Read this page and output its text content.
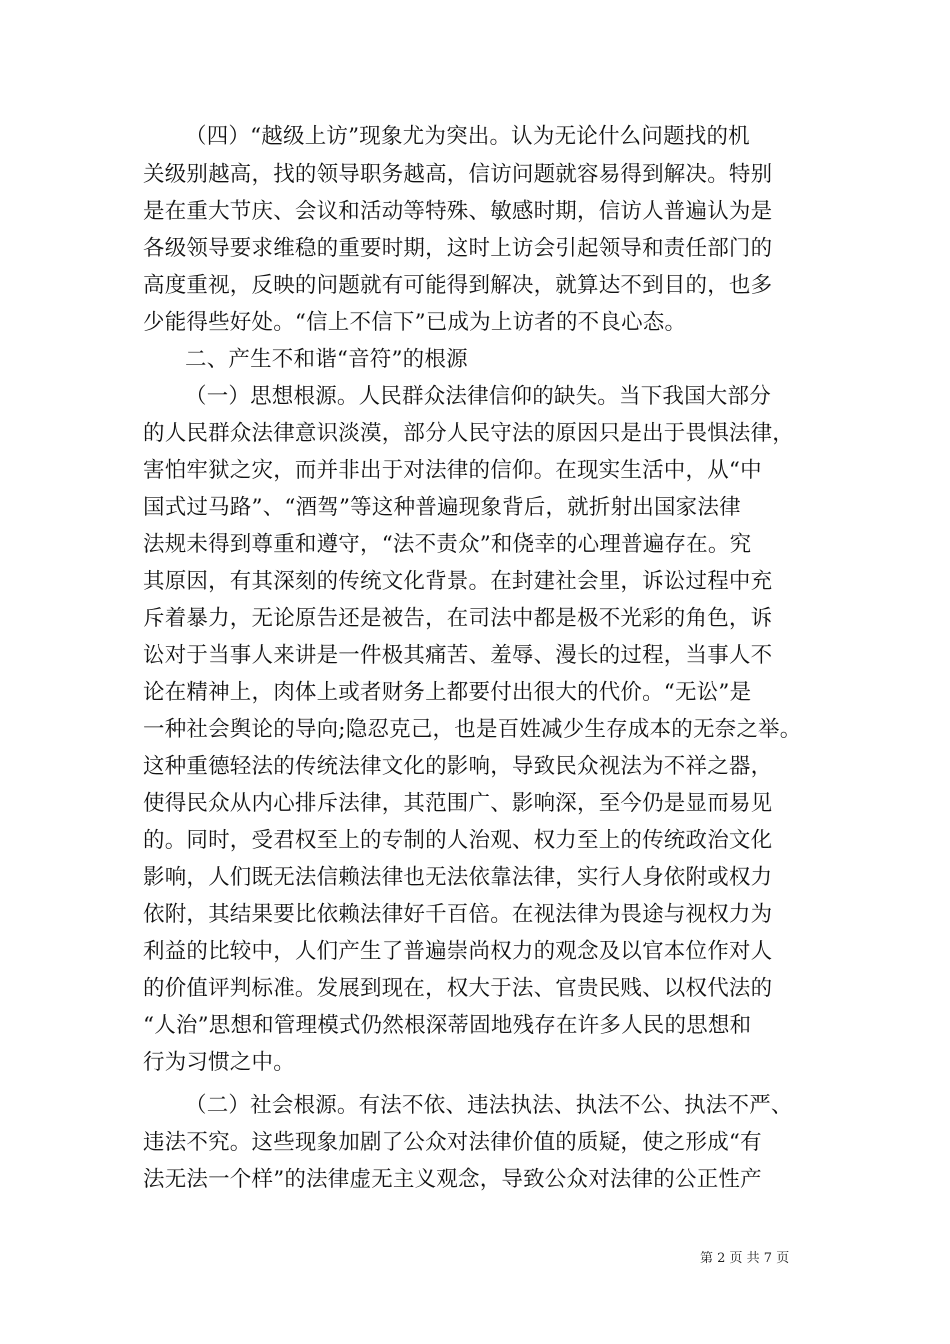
（四）“越级上访”现象尤为突出。认为无论什么问题找的机
关级别越高，找的领导职务越高，信访问题就容易得到解决。特别
是在重大节庆、会议和活动等特殊、敏感时期，信访人普遍认为是
各级领导要求维稳的重要时期，这时上访会引起领导和责任部门的
高度重视，反映的问题就有可能得到解决，就算达不到目的，也多
少能得些好处。“信上不信下”已成为上访者的不良心态。
二、产生不和谐“音符”的根源
（一）思想根源。人民群众法律信仰的缺失。当下我国大部分
的人民群众法律意识淡漠，部分人民守法的原因只是出于畏惧法律，
害怕牢狱之灾，而并非出于对法律的信仰。在现实生活中，从“中
国式过马路”、“酒驾”等这种普遍现象背后，就折射出国家法律
法规未得到尊重和遵守，“法不责众”和侥幸的心理普遍存在。究
其原因，有其深刻的传统文化背景。在封建社会里，诉讼过程中充
斥着暴力，无论原告还是被告，在司法中都是极不光彩的角色，诉
讼对于当事人来讲是一件极其痛苦、羞辱、漫长的过程，当事人不
论在精神上，肉体上或者财务上都要付出很大的代价。“无讼”是
一种社会舆论的导向;隐忍克己，也是百姓减少生存成本的无奈之举。
这种重德轻法的传统法律文化的影响，导致民众视法为不祥之器，
使得民众从内心排斥法律，其范围广、影响深，至今仍是显而易见
的。同时，受君权至上的专制的人治观、权力至上的传统政治文化
影响，人们既无法信赖法律也无法依靠法律，实行人身依附或权力
依附，其结果要比依赖法律好千百倍。在视法律为畏途与视权力为
利益的比较中，人们产生了普遍崇尚权力的观念及以官本位作对人
的价值评判标准。发展到现在，权大于法、官贵民贱、以权代法的
“人治”思想和管理模式仍然根深蒂固地残存在许多人民的思想和
行为习惯之中。
（二）社会根源。有法不依、违法执法、执法不公、执法不严、
违法不究。这些现象加剧了公众对法律价值的质疑，使之形成“有
法无法一个样”的法律虚无主义观念，导致公众对法律的公正性产
第 2 页 共 7 页
